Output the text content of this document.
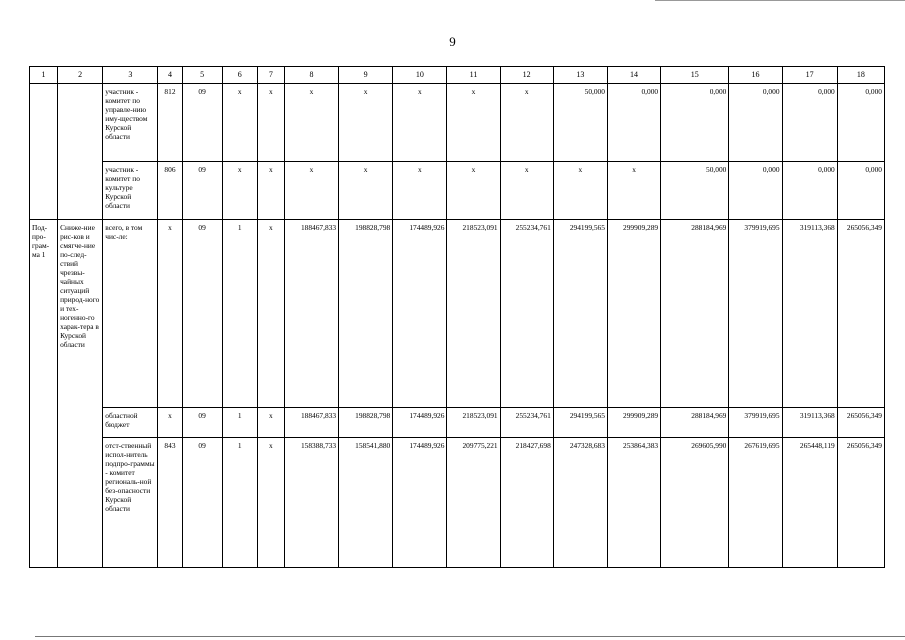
9
1	2	3	4	5	6	7	8	9	10	11	12	13	14	15	16	17	18
		участник - комитет по управле-нию иму-ществом Курской области	812	09	х	х	х	х	х	х	х	50,000	0,000	0,000	0,000	0,000	0,000
		участник - комитет по культуре Курской области	806	09	х	х	х	х	х	х	х	х	х	50,000	0,000	0,000	0,000
Под-про-грам-ма 1	Сниже-ние рис-ков и смягче-ние по-след-ствий чрезвы-чайных ситуаций природ-ного и тех-ногенно-го харак-тера в Курской области	всего, в том чис-ле:	х	09	1	х	188467,833	198828,798	174489,926	218523,091	255234,761	294199,565	299909,289	288184,969	379919,695	319113,368	265056,349
		областной бюджет	х	09	1	х	188467,833	198828,798	174489,926	218523,091	255234,761	294199,565	299909,289	288184,969	379919,695	319113,368	265056,349
		отст-ственный испол-нитель подпро-граммы - комитет региональ-ной без-опасности Курской области	843	09	1	х	158388,733	158541,880	174489,926	209775,221	218427,698	247328,683	253864,383	269605,990	267619,695	265448,119	265056,349
